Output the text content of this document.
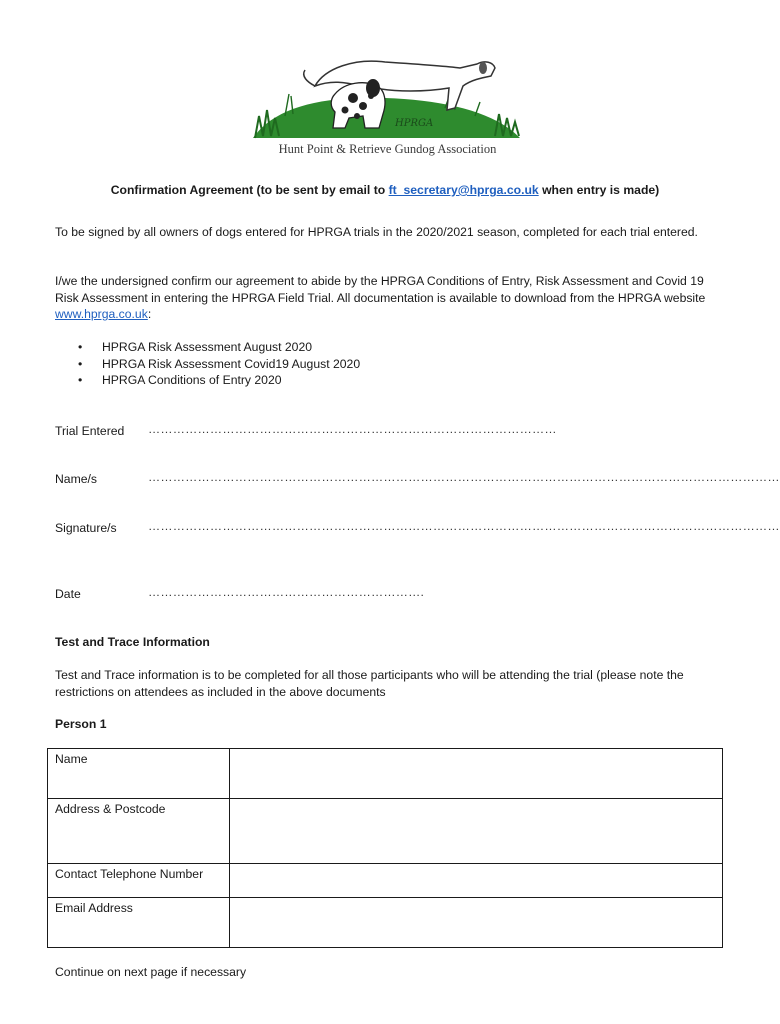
HPRGA
Hunt Point & Retrieve Gundog Association
Confirmation Agreement (to be sent by email to ft_secretary@hprga.co.uk when entry is made)
To be signed by all owners of dogs entered for HPRGA trials in the 2020/2021 season, completed for each trial entered.
I/we the undersigned confirm our agreement to abide by the HPRGA Conditions of Entry, Risk Assessment and Covid 19 Risk Assessment in entering the HPRGA Field Trial. All documentation is available to download from the HPRGA website www.hprga.co.uk:
• HPRGA Risk Assessment August 2020
• HPRGA Risk Assessment Covid19 August 2020
• HPRGA Conditions of Entry 2020
Trial Entered ………………………………………………………………………………………
Name/s	………………………………………………………………………………………………………………………………………
Signature/s	………………………………………………………………………………………………………………………………………
Date	………………………………………………………….
Test and Trace Information
Test and Trace information is to be completed for all those participants who will be attending the trial (please note the restrictions on attendees as included in the above documents
Person 1
Name	
Address & Postcode	
Contact Telephone Number	
Email Address	
Continue on next page if necessary
